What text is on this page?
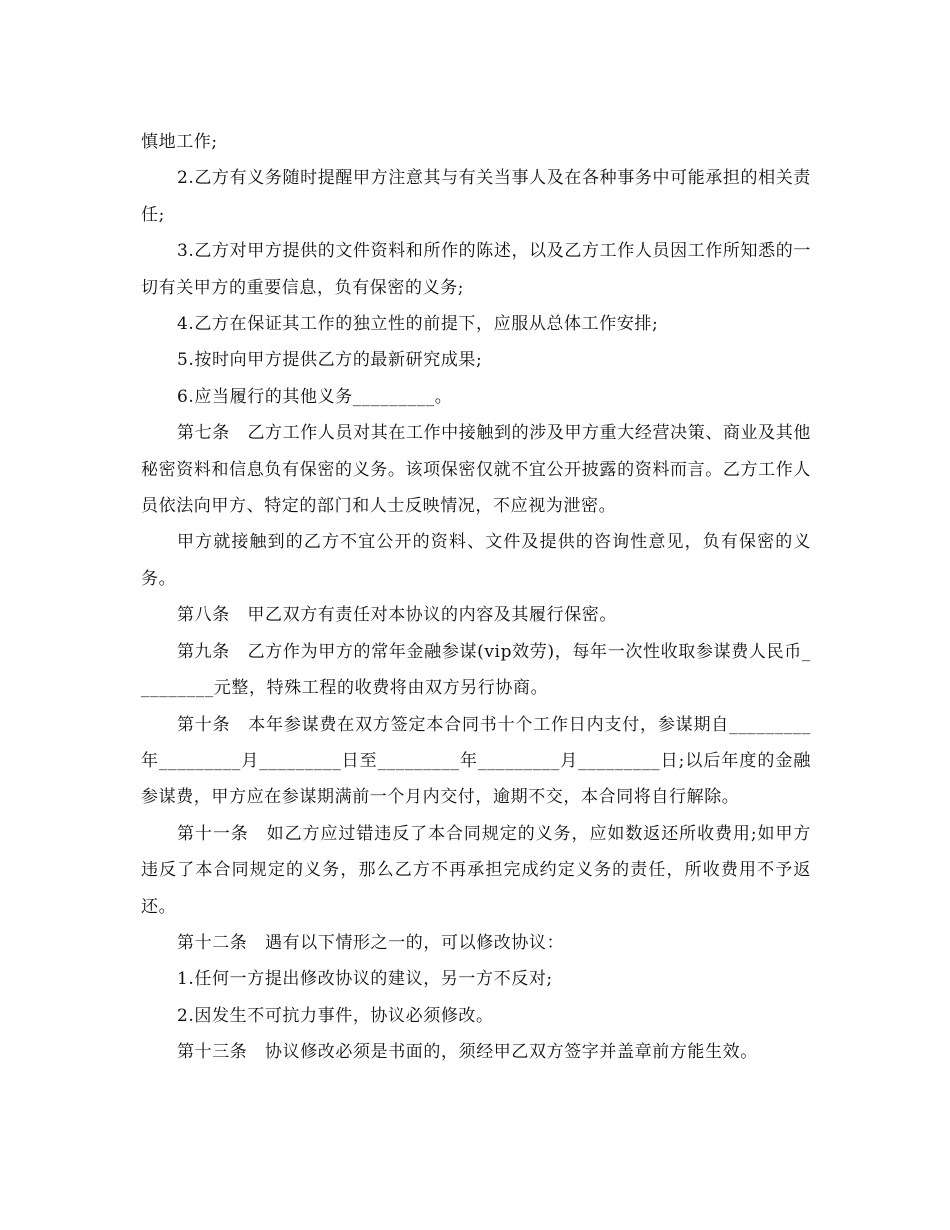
慎地工作;

2.乙方有义务随时提醒甲方注意其与有关当事人及在各种事务中可能承担的相关责任;

3.乙方对甲方提供的文件资料和所作的陈述，以及乙方工作人员因工作所知悉的一切有关甲方的重要信息，负有保密的义务;

4.乙方在保证其工作的独立性的前提下，应服从总体工作安排;

5.按时向甲方提供乙方的最新研究成果;

6.应当履行的其他义务_________。

第七条　乙方工作人员对其在工作中接触到的涉及甲方重大经营决策、商业及其他秘密资料和信息负有保密的义务。该项保密仅就不宜公开披露的资料而言。乙方工作人员依法向甲方、特定的部门和人士反映情况，不应视为泄密。

甲方就接触到的乙方不宜公开的资料、文件及提供的咨询性意见，负有保密的义务。

第八条　甲乙双方有责任对本协议的内容及其履行保密。

第九条　乙方作为甲方的常年金融参谋(vip效劳)，每年一次性收取参谋费人民币_________元整，特殊工程的收费将由双方另行协商。

第十条　本年参谋费在双方签定本合同书十个工作日内支付，参谋期自_________年_________月_________日至_________年_________月_________日;以后年度的金融参谋费，甲方应在参谋期满前一个月内交付，逾期不交，本合同将自行解除。

第十一条　如乙方应过错违反了本合同规定的义务，应如数返还所收费用;如甲方违反了本合同规定的义务，那么乙方不再承担完成约定义务的责任，所收费用不予返还。

第十二条　遇有以下情形之一的，可以修改协议：

1.任何一方提出修改协议的建议，另一方不反对;

2.因发生不可抗力事件，协议必须修改。

第十三条　协议修改必须是书面的，须经甲乙双方签字并盖章前方能生效。
